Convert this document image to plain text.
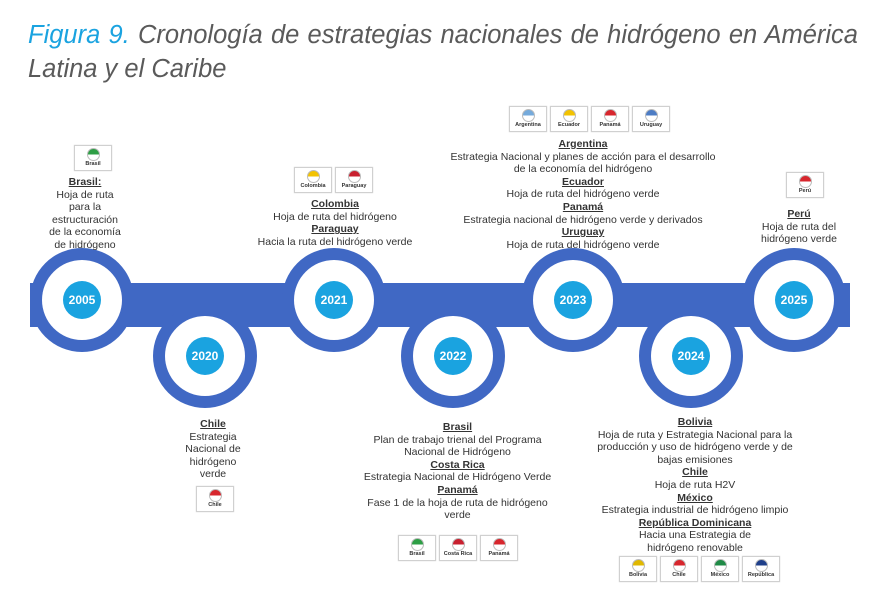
Figura 9. Cronología de estrategias nacionales de hidrógeno en América Latina y el Caribe
2005
2020
2021
2022
2023
2024
2025
Brasil
Brasil:
Hoja de ruta
para la
estructuración
de la economía
de hidrógeno
Chile
Estrategia
Nacional de
hidrógeno
verde
Chile
Colombia	Paraguay
Colombia
Hoja de ruta del hidrógeno
Paraguay
Hacia la ruta del hidrógeno verde
Brasil
Plan de trabajo trienal del Programa Nacional de Hidrógeno
Costa Rica
Estrategia Nacional de Hidrógeno Verde
Panamá
Fase 1 de la hoja de ruta de hidrógeno verde
Brasil	Costa Rica	Panamá
Argentina	Ecuador	Panamá	Uruguay
Argentina
Estrategia Nacional y planes de acción para el desarrollo de la economía del hidrógeno
Ecuador
Hoja de ruta del hidrógeno verde
Panamá
Estrategia nacional de hidrógeno verde y derivados
Uruguay
Hoja de ruta del hidrógeno verde
Bolivia
Hoja de ruta y Estrategia Nacional para la producción y uso de hidrógeno verde y de bajas emisiones
Chile
Hoja de ruta H2V
México
Estrategia industrial de hidrógeno limpio
República Dominicana
Hacia una Estrategia de hidrógeno renovable
Bolivia	Chile	México	República
Perú
Perú
Hoja de ruta del
hidrógeno verde
